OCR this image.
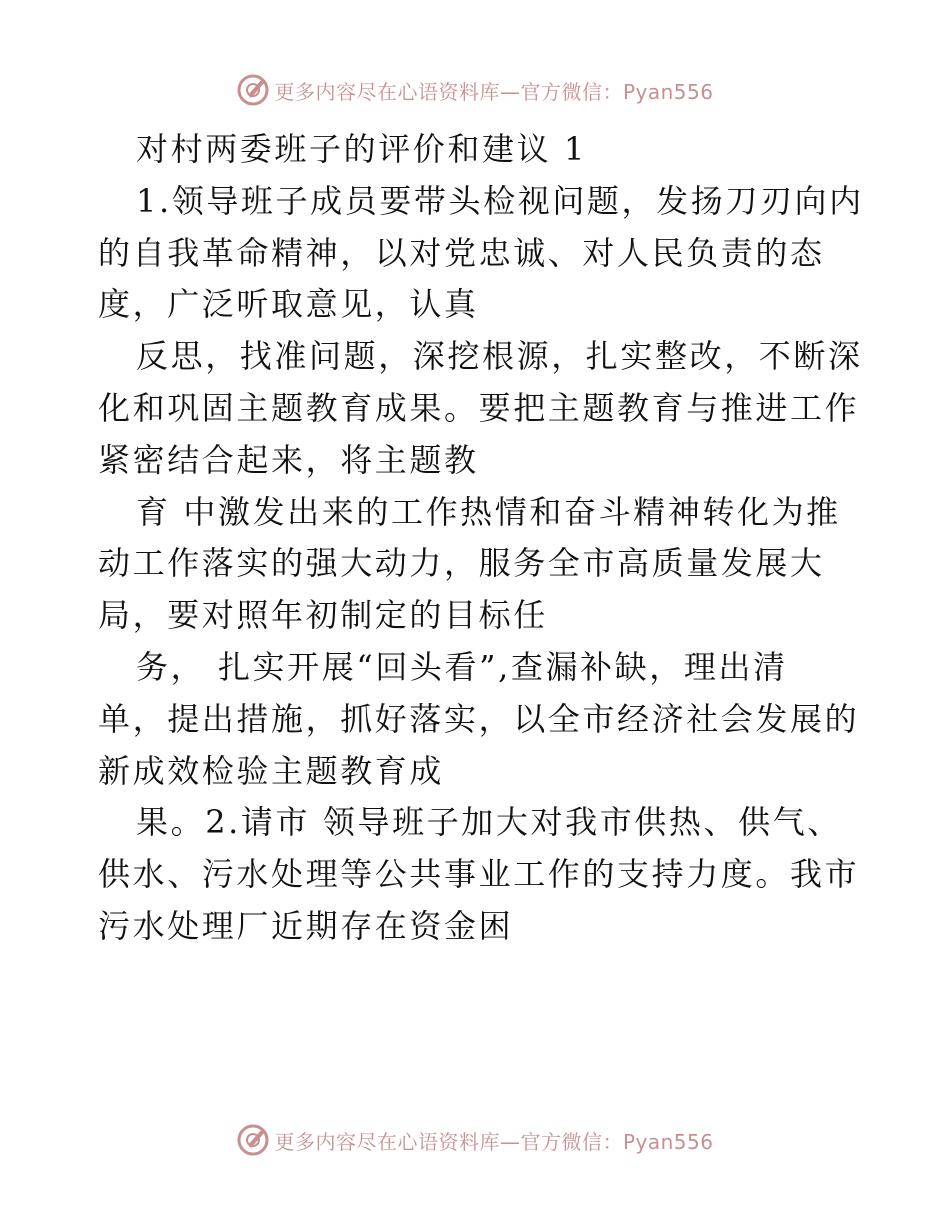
更多内容尽在心语资料库—官方微信：Pyan556
对村两委班子的评价和建议 1
1.领导班子成员要带头检视问题，发扬刀刃向内
的自我革命精神，以对党忠诚、对人民负责的态
度，广泛听取意见，认真
反思，找准问题，深挖根源，扎实整改，不断深
化和巩固主题教育成果。要把主题教育与推进工作
紧密结合起来，将主题教
育 中激发出来的工作热情和奋斗精神转化为推
动工作落实的强大动力，服务全市高质量发展大
局，要对照年初制定的目标任
务， 扎实开展“回头看”,查漏补缺，理出清
单，提出措施，抓好落实，以全市经济社会发展的
新成效检验主题教育成
果。2.请市 领导班子加大对我市供热、供气、
供水、污水处理等公共事业工作的支持力度。我市
污水处理厂近期存在资金困
更多内容尽在心语资料库—官方微信：Pyan556
